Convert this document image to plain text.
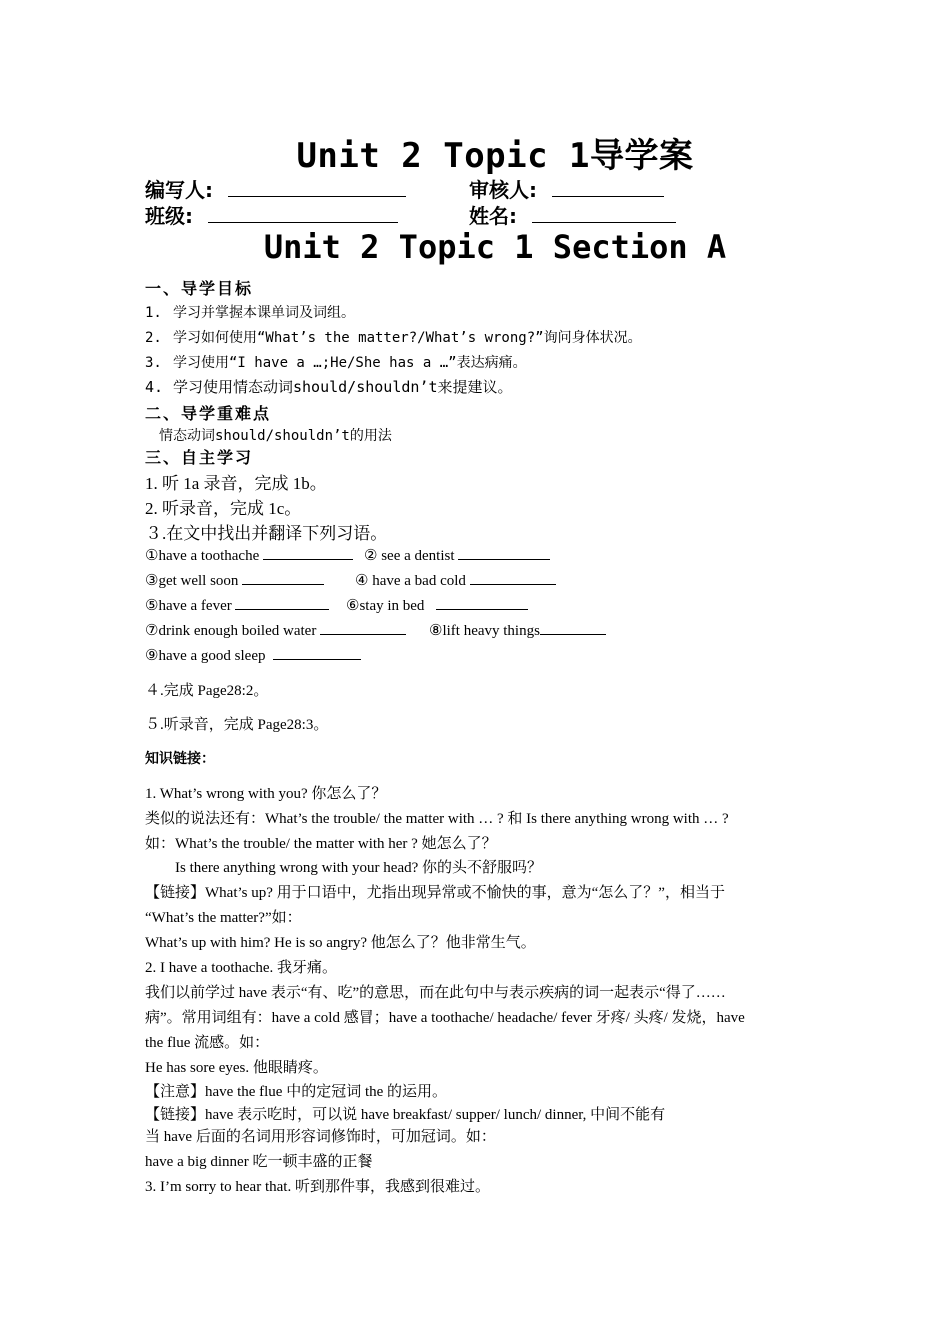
Unit 2 Topic 1导学案
编写人:	审核人:
班级:	姓名:
Unit 2 Topic 1 Section A
一、导学目标
1. 学习并掌握本课单词及词组。
2. 学习如何使用“What’s the matter?/What’s wrong?”询问身体状况。
3. 学习使用“I have a …;He/She has a …”表达病痛。
4. 学习使用情态动词should/shouldn’t来提建议。
二、导学重难点
情态动词should/shouldn’t的用法
三、自主学习
1. 听 1a 录音，完成 1b。
2. 听录音，完成 1c。
３.在文中找出并翻译下列习语。
①have a toothache	② see a dentist
③get well soon	④ have a bad cold
⑤have a fever	⑥stay in bed
⑦drink enough boiled water	⑧lift heavy things
⑨have a good sleep
４.完成 Page28:2。
５.听录音，完成 Page28:3。
知识链接：
1. What’s wrong with you? 你怎么了？
类似的说法还有：What’s the trouble/ the matter with … ? 和 Is there anything wrong with … ?
如：What’s the trouble/ the matter with her ? 她怎么了？
Is there anything wrong with your head? 你的头不舒服吗？
【链接】What’s up? 用于口语中，尤指出现异常或不愉快的事，意为“怎么了？”，相当于
“What’s the matter?”如：
What’s up with him? He is so angry? 他怎么了？他非常生气。
2. I have a toothache. 我牙痛。
我们以前学过 have 表示“有、吃”的意思，而在此句中与表示疾病的词一起表示“得了……
病”。常用词组有：have a cold 感冒；have a toothache/ headache/ fever 牙疼/ 头疼/ 发烧，have
the flue 流感。如：
He has sore eyes. 他眼睛疼。
【注意】have the flue 中的定冠词 the 的运用。
【链接】have 表示吃时，可以说 have breakfast/ supper/ lunch/ dinner, 中间不能有
当 have 后面的名词用形容词修饰时，可加冠词。如：
have a big dinner 吃一顿丰盛的正餐
3. I’m sorry to hear that. 听到那件事，我感到很难过。
